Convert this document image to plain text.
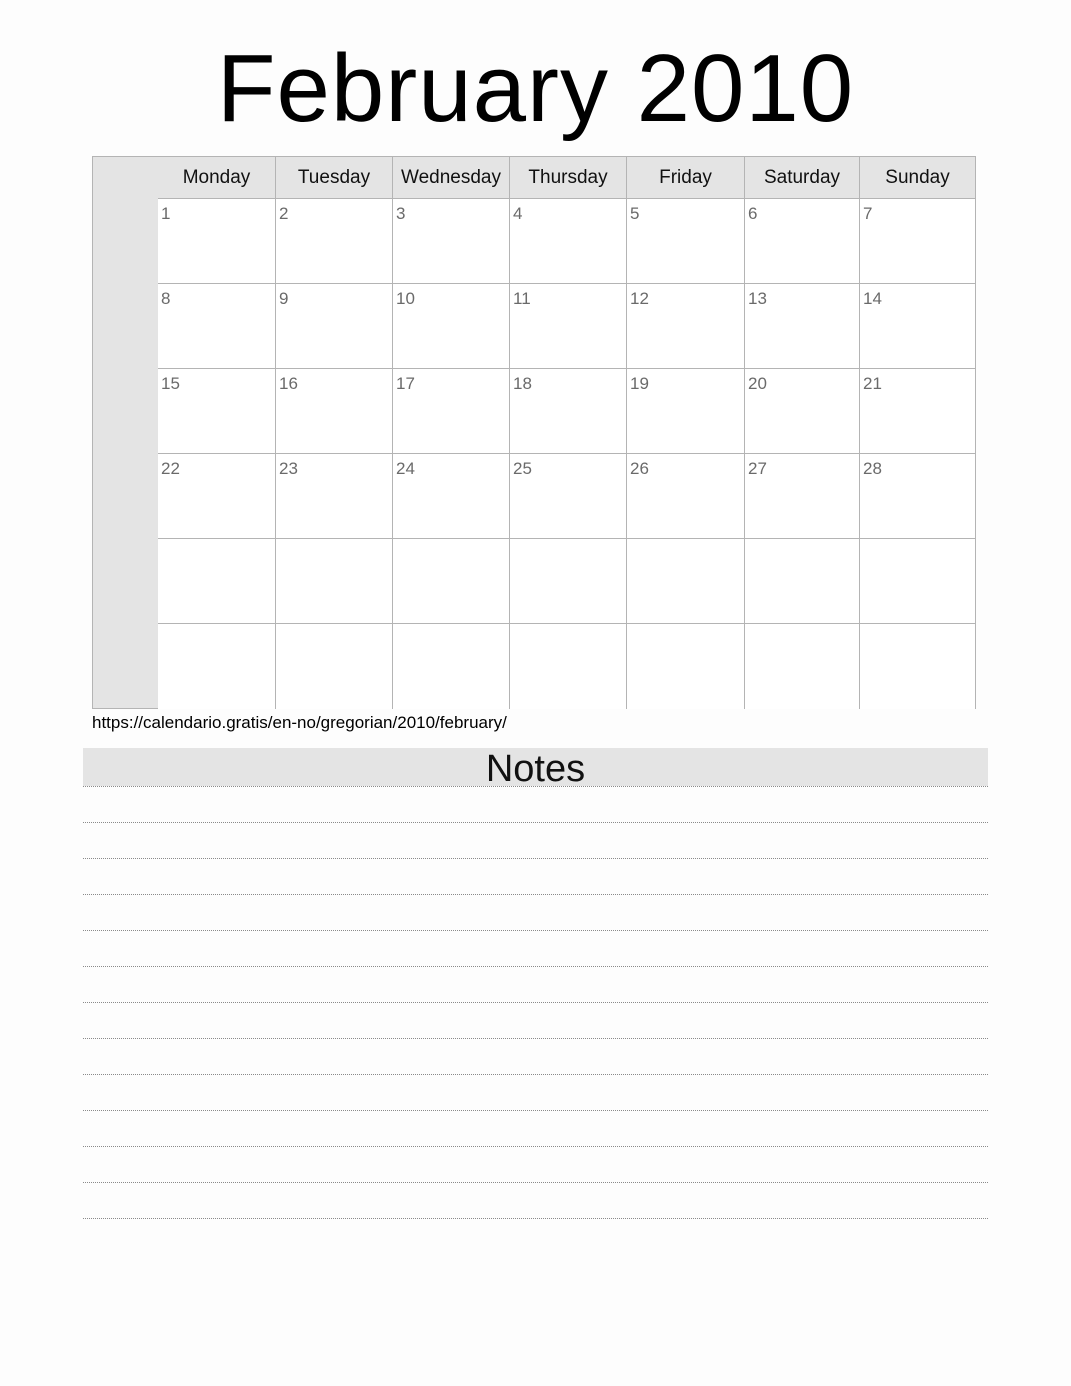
February 2010
Monday	Tuesday	Wednesday	Thursday	Friday	Saturday	Sunday
1	2	3	4	5	6	7
8	9	10	11	12	13	14
15	16	17	18	19	20	21
22	23	24	25	26	27	28
https://calendario.gratis/en-no/gregorian/2010/february/
Notes
